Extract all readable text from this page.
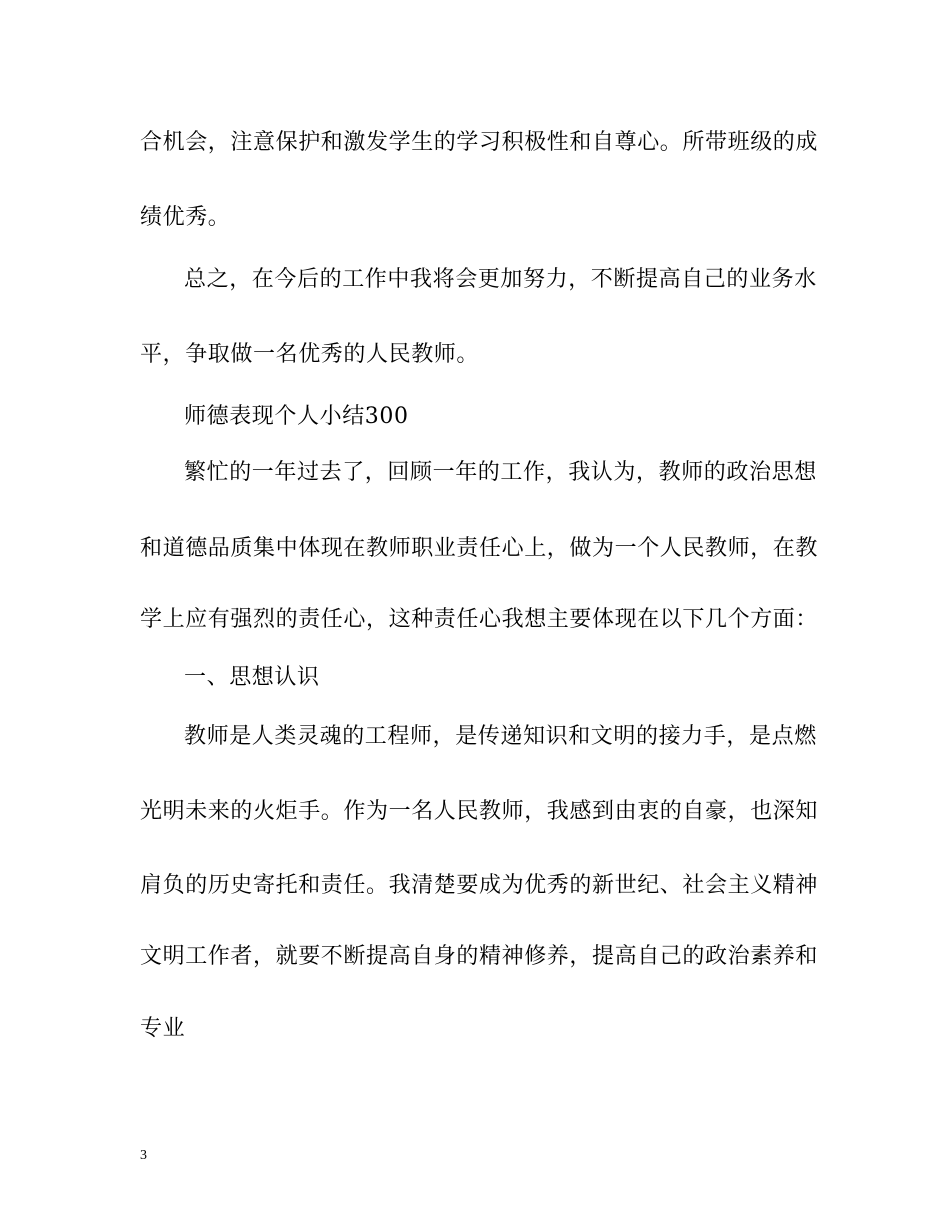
合机会，注意保护和激发学生的学习积极性和自尊心。所带班级的成
绩优秀。
总之，在今后的工作中我将会更加努力，不断提高自己的业务水
平，争取做一名优秀的人民教师。
师德表现个人小结300
繁忙的一年过去了，回顾一年的工作，我认为，教师的政治思想
和道德品质集中体现在教师职业责任心上，做为一个人民教师，在教
学上应有强烈的责任心，这种责任心我想主要体现在以下几个方面：
一、思想认识
教师是人类灵魂的工程师，是传递知识和文明的接力手，是点燃
光明未来的火炬手。作为一名人民教师，我感到由衷的自豪，也深知
肩负的历史寄托和责任。我清楚要成为优秀的新世纪、社会主义精神
文明工作者，就要不断提高自身的精神修养，提高自己的政治素养和
专业
3
